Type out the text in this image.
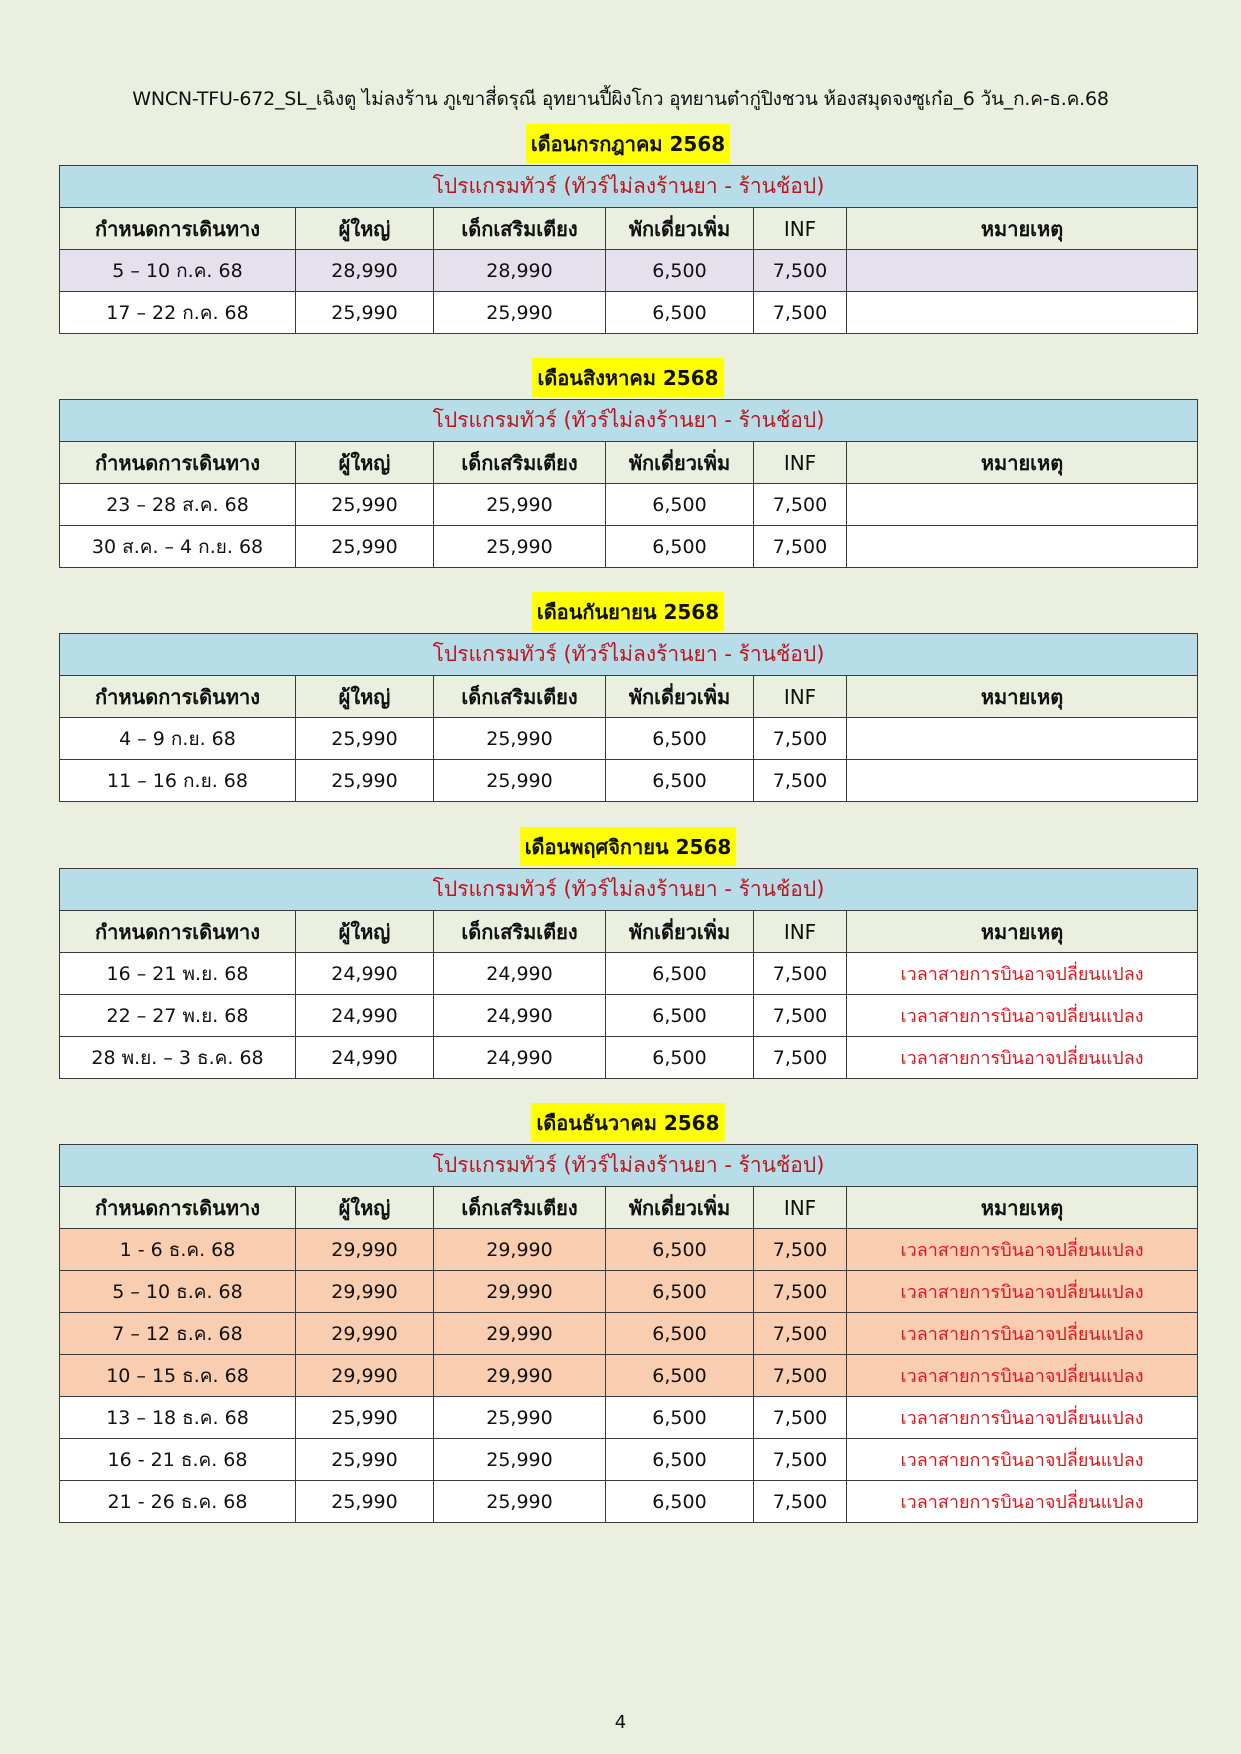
WNCN-TFU-672_SL_เฉิงตู ไม่ลงร้าน ภูเขาสี่ดรุณี อุทยานปี้ผิงโกว อุทยานต๋ากู่ปิงชวน ห้องสมุดจงซูเก๋อ_6 วัน_ก.ค-ธ.ค.68
เดือนกรกฎาคม 2568
โปรแกรมทัวร์ (ทัวร์ไม่ลงร้านยา - ร้านช้อป)					
กำหนดการเดินทาง	ผู้ใหญ่	เด็กเสริมเตียง	พักเดี่ยวเพิ่ม	INF	หมายเหตุ
5 – 10 ก.ค. 68	28,990	28,990	6,500	7,500	
17 – 22 ก.ค. 68	25,990	25,990	6,500	7,500	
เดือนสิงหาคม 2568
โปรแกรมทัวร์ (ทัวร์ไม่ลงร้านยา - ร้านช้อป)					
กำหนดการเดินทาง	ผู้ใหญ่	เด็กเสริมเตียง	พักเดี่ยวเพิ่ม	INF	หมายเหตุ
23 – 28 ส.ค. 68	25,990	25,990	6,500	7,500	
30 ส.ค. – 4 ก.ย. 68	25,990	25,990	6,500	7,500	
เดือนกันยายน 2568
โปรแกรมทัวร์ (ทัวร์ไม่ลงร้านยา - ร้านช้อป)					
กำหนดการเดินทาง	ผู้ใหญ่	เด็กเสริมเตียง	พักเดี่ยวเพิ่ม	INF	หมายเหตุ
4 – 9 ก.ย. 68	25,990	25,990	6,500	7,500	
11 – 16 ก.ย. 68	25,990	25,990	6,500	7,500	
เดือนพฤศจิกายน 2568
โปรแกรมทัวร์ (ทัวร์ไม่ลงร้านยา - ร้านช้อป)					
กำหนดการเดินทาง	ผู้ใหญ่	เด็กเสริมเตียง	พักเดี่ยวเพิ่ม	INF	หมายเหตุ
16 – 21 พ.ย. 68	24,990	24,990	6,500	7,500	เวลาสายการบินอาจปลี่ยนแปลง
22 – 27 พ.ย. 68	24,990	24,990	6,500	7,500	เวลาสายการบินอาจปลี่ยนแปลง
28 พ.ย. – 3 ธ.ค. 68	24,990	24,990	6,500	7,500	เวลาสายการบินอาจปลี่ยนแปลง
เดือนธันวาคม 2568
โปรแกรมทัวร์ (ทัวร์ไม่ลงร้านยา - ร้านช้อป)					
กำหนดการเดินทาง	ผู้ใหญ่	เด็กเสริมเตียง	พักเดี่ยวเพิ่ม	INF	หมายเหตุ
1 - 6 ธ.ค. 68	29,990	29,990	6,500	7,500	เวลาสายการบินอาจปลี่ยนแปลง
5 – 10 ธ.ค. 68	29,990	29,990	6,500	7,500	เวลาสายการบินอาจปลี่ยนแปลง
7 – 12 ธ.ค. 68	29,990	29,990	6,500	7,500	เวลาสายการบินอาจปลี่ยนแปลง
10 – 15 ธ.ค. 68	29,990	29,990	6,500	7,500	เวลาสายการบินอาจปลี่ยนแปลง
13 – 18 ธ.ค. 68	25,990	25,990	6,500	7,500	เวลาสายการบินอาจปลี่ยนแปลง
16 - 21 ธ.ค. 68	25,990	25,990	6,500	7,500	เวลาสายการบินอาจปลี่ยนแปลง
21 - 26 ธ.ค. 68	25,990	25,990	6,500	7,500	เวลาสายการบินอาจปลี่ยนแปลง
4
